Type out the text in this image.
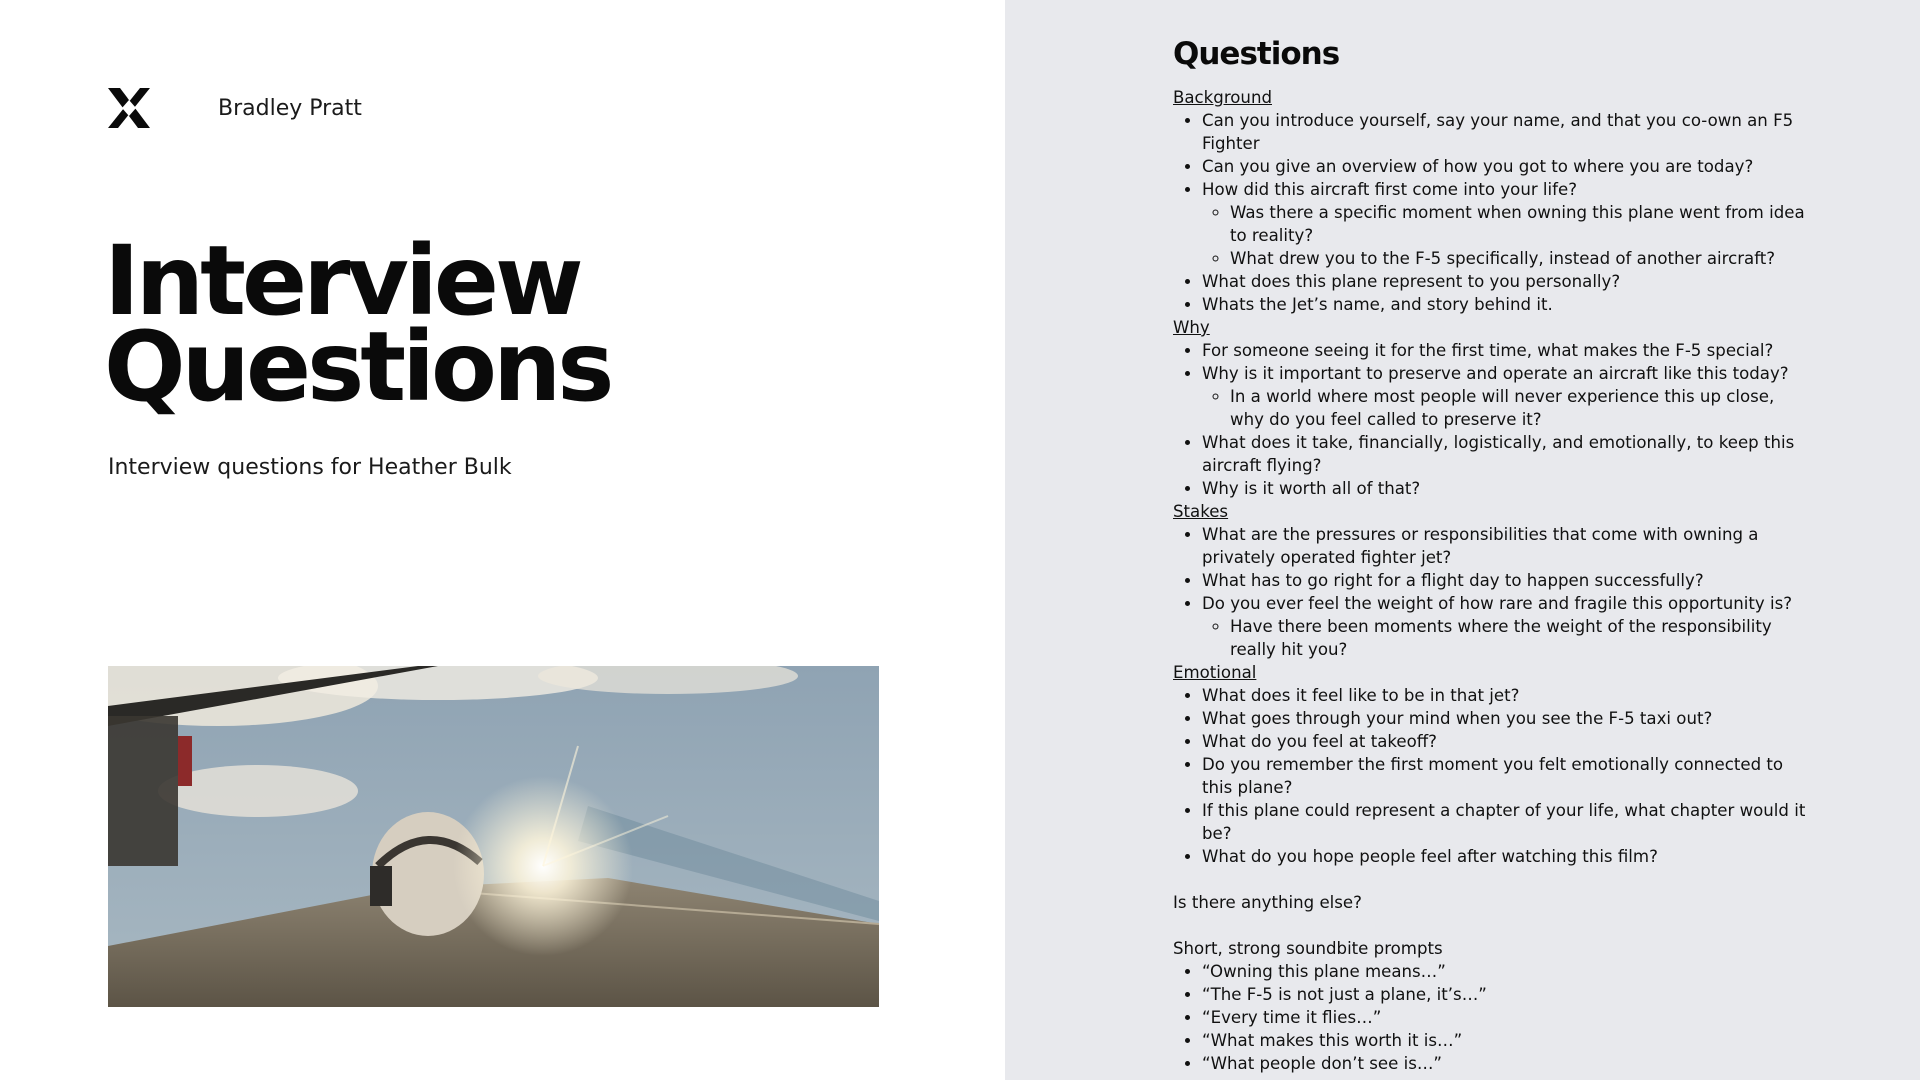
Bradley Pratt
Interview
Questions
Interview questions for Heather Bulk
Questions
Background
• Can you introduce yourself, say your name, and that you co-own an F5 Fighter
• Can you give an overview of how you got to where you are today?
• How did this aircraft first come into your life?
◦ Was there a specific moment when owning this plane went from idea to reality?
◦ What drew you to the F-5 specifically, instead of another aircraft?
• What does this plane represent to you personally?
• Whats the Jet’s name, and story behind it.
Why
• For someone seeing it for the first time, what makes the F-5 special?
• Why is it important to preserve and operate an aircraft like this today?
◦ In a world where most people will never experience this up close, why do you feel called to preserve it?
• What does it take, financially, logistically, and emotionally, to keep this aircraft flying?
• Why is it worth all of that?
Stakes
• What are the pressures or responsibilities that come with owning a privately operated fighter jet?
• What has to go right for a flight day to happen successfully?
• Do you ever feel the weight of how rare and fragile this opportunity is?
◦ Have there been moments where the weight of the responsibility really hit you?
Emotional
• What does it feel like to be in that jet?
• What goes through your mind when you see the F-5 taxi out?
• What do you feel at takeoff?
• Do you remember the first moment you felt emotionally connected to this plane?
• If this plane could represent a chapter of your life, what chapter would it be?
• What do you hope people feel after watching this film?
Is there anything else?
Short, strong soundbite prompts
• “Owning this plane means…”
• “The F-5 is not just a plane, it’s…”
• “Every time it flies…”
• “What makes this worth it is…”
• “What people don’t see is…”
